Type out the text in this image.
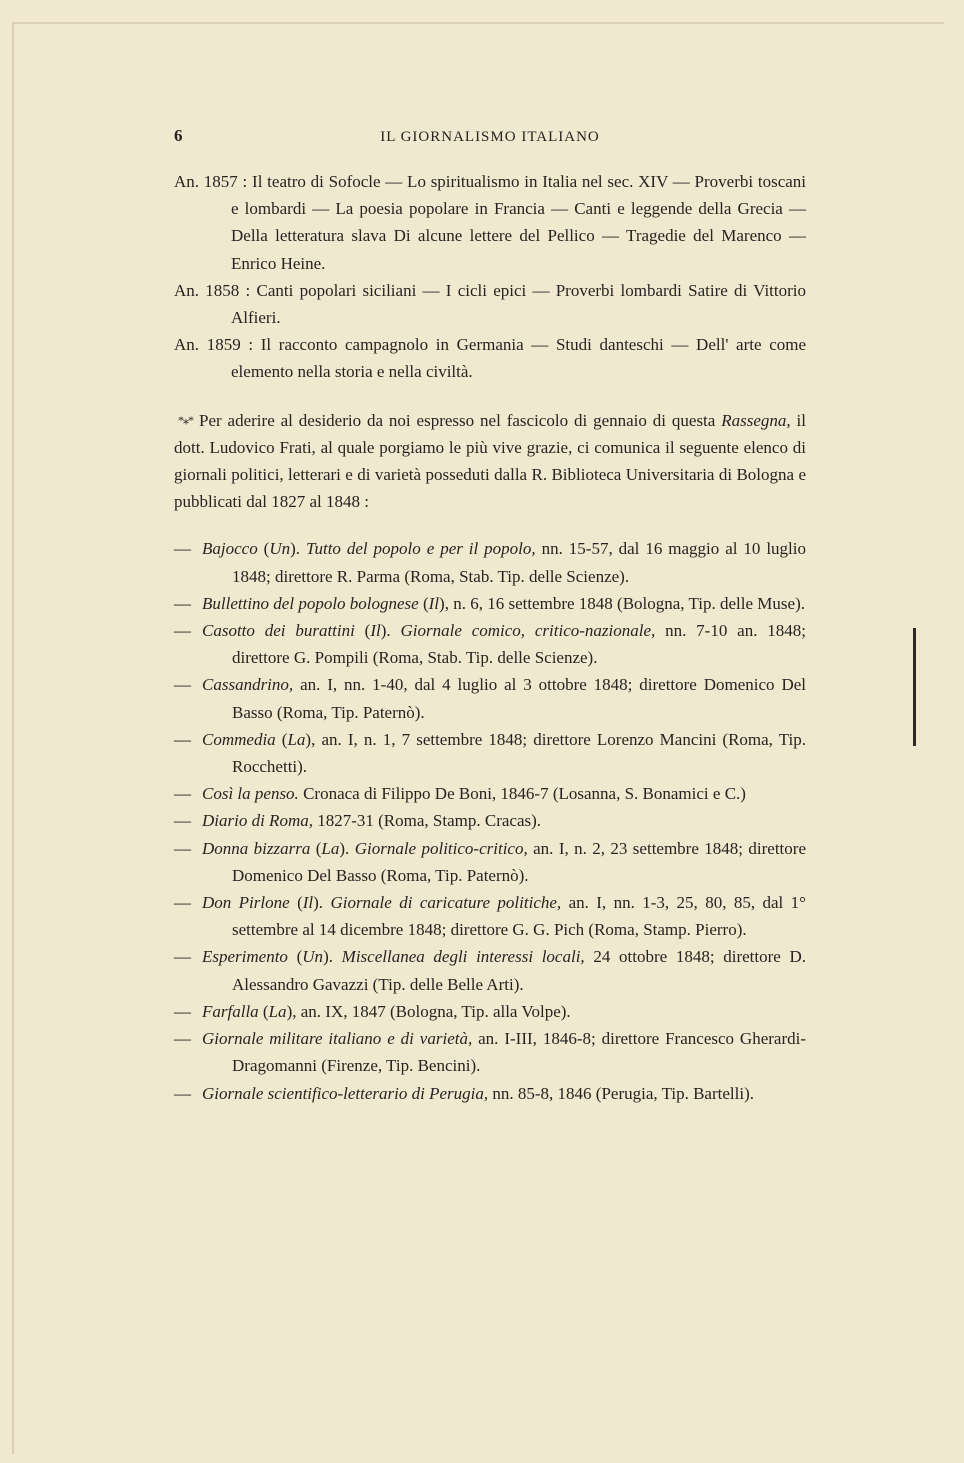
6	IL GIORNALISMO ITALIANO

An. 1857 : Il teatro di Sofocle — Lo spiritualismo in Italia nel sec. XIV — Proverbi toscani e lombardi — La poesia popolare in Francia — Canti e leggende della Grecia — Della letteratura slava Di alcune lettere del Pellico — Tragedie del Marenco — Enrico Heine.

An. 1858 : Canti popolari siciliani — I cicli epici — Proverbi lombardi Satire di Vittorio Alfieri.

An. 1859 : Il racconto campagnolo in Germania — Studi danteschi — Dell' arte come elemento nella storia e nella civiltà.

*⁎* Per aderire al desiderio da noi espresso nel fascicolo di gennaio di questa Rassegna, il dott. Ludovico Frati, al quale porgiamo le più vive grazie, ci comunica il seguente elenco di giornali politici, letterari e di varietà posseduti dalla R. Biblioteca Universitaria di Bologna e pubblicati dal 1827 al 1848 :

— Bajocco (Un). Tutto del popolo e per il popolo, nn. 15-57, dal 16 maggio al 10 luglio 1848; direttore R. Parma (Roma, Stab. Tip. delle Scienze).

— Bullettino del popolo bolognese (Il), n. 6, 16 settembre 1848 (Bologna, Tip. delle Muse).

— Casotto dei burattini (Il). Giornale comico, critico-nazionale, nn. 7-10 an. 1848; direttore G. Pompili (Roma, Stab. Tip. delle Scienze).

— Cassandrino, an. I, nn. 1-40, dal 4 luglio al 3 ottobre 1848; direttore Domenico Del Basso (Roma, Tip. Paternò).

— Commedia (La), an. I, n. 1, 7 settembre 1848; direttore Lorenzo Mancini (Roma, Tip. Rocchetti).

— Così la penso. Cronaca di Filippo De Boni, 1846-7 (Losanna, S. Bonamici e C.)

— Diario di Roma, 1827-31 (Roma, Stamp. Cracas).

— Donna bizzarra (La). Giornale politico-critico, an. I, n. 2, 23 settembre 1848; direttore Domenico Del Basso (Roma, Tip. Paternò).

— Don Pirlone (Il). Giornale di caricature politiche, an. I, nn. 1-3, 25, 80, 85, dal 1° settembre al 14 dicembre 1848; direttore G. G. Pich (Roma, Stamp. Pierro).

— Esperimento (Un). Miscellanea degli interessi locali, 24 ottobre 1848; direttore D. Alessandro Gavazzi (Tip. delle Belle Arti).

— Farfalla (La), an. IX, 1847 (Bologna, Tip. alla Volpe).

— Giornale militare italiano e di varietà, an. I-III, 1846-8; direttore Francesco Gherardi-Dragomanni (Firenze, Tip. Bencini).

— Giornale scientifico-letterario di Perugia, nn. 85-8, 1846 (Perugia, Tip. Bartelli).
